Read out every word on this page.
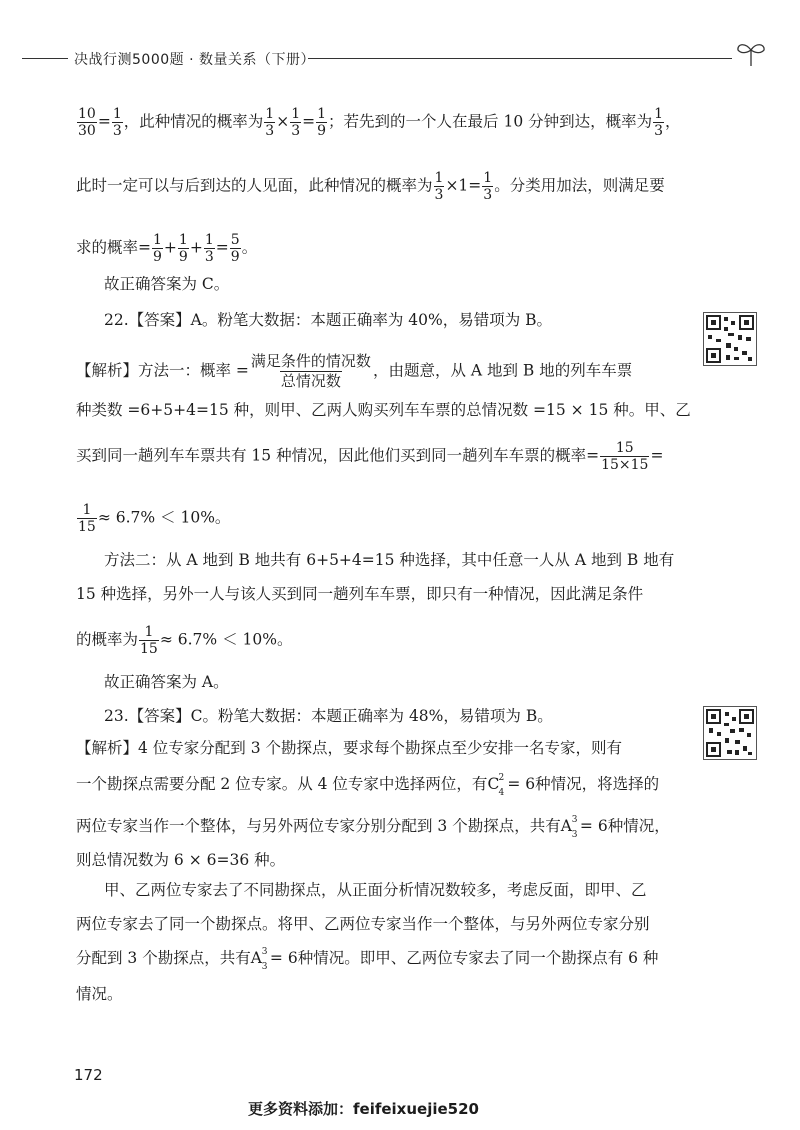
决战行测5000题 · 数量关系（下册）
$\frac{10}{30} = \frac{1}{3}$ ，此种情况的概率为 $\frac{1}{3} \times \frac{1}{3} = \frac{1}{9}$ ；若先到的一个人在最后 10 分钟到达，概率为 $\frac{1}{3}$ ，
此时一定可以与后到达的人见面，此种情况的概率为 $\frac{1}{3} \times 1= \frac{1}{3}$ 。分类用加法，则满足要
求的概率= $\frac{1}{9} + \frac{1}{9} + \frac{1}{3} = \frac{5}{9}$ 。
故正确答案为 C。
22.【答案】A。粉笔大数据：本题正确率为 40%，易错项为 B。
【解析】方法一：概率 = $\frac{\text{满足条件的情况数}}{\text{总情况数}}$ ，由题意，从 A 地到 B 地的列车车票
种类数 =6+5+4=15 种，则甲、乙两人购买列车车票的总情况数 =15 × 15 种。甲、乙
买到同一趟列车车票共有 15 种情况，因此他们买到同一趟列车车票的概率= $\frac{15}{15\times 15}$ =
$\frac{1}{15} \approx 6.7\% < 10\%$。
方法二：从 A 地到 B 地共有 6+5+4=15 种选择，其中任意一人从 A 地到 B 地有
15 种选择，另外一人与该人买到同一趟列车车票，即只有一种情况，因此满足条件
的概率为 $\frac{1}{15} \approx 6.7\% < 10\%$。
故正确答案为 A。
23.【答案】C。粉笔大数据：本题正确率为 48%，易错项为 B。
【解析】4 位专家分配到 3 个勘探点，要求每个勘探点至少安排一名专家，则有
一个勘探点需要分配 2 位专家。从 4 位专家中选择两位，有C 2
4 = 6种情况，将选择的
两位专家当作一个整体，与另外两位专家分别分配到 3 个勘探点，共有A 3
3 = 6种情况，
则总情况数为 6 × 6=36 种。
甲、乙两位专家去了不同勘探点，从正面分析情况数较多，考虑反面，即甲、乙
两位专家去了同一个勘探点。将甲、乙两位专家当作一个整体，与另外两位专家分别
分配到 3 个勘探点，共有A 3
3 = 6种情况。即甲、乙两位专家去了同一个勘探点有 6 种
情况。
172
更多资料添加：feifeixuejie520
